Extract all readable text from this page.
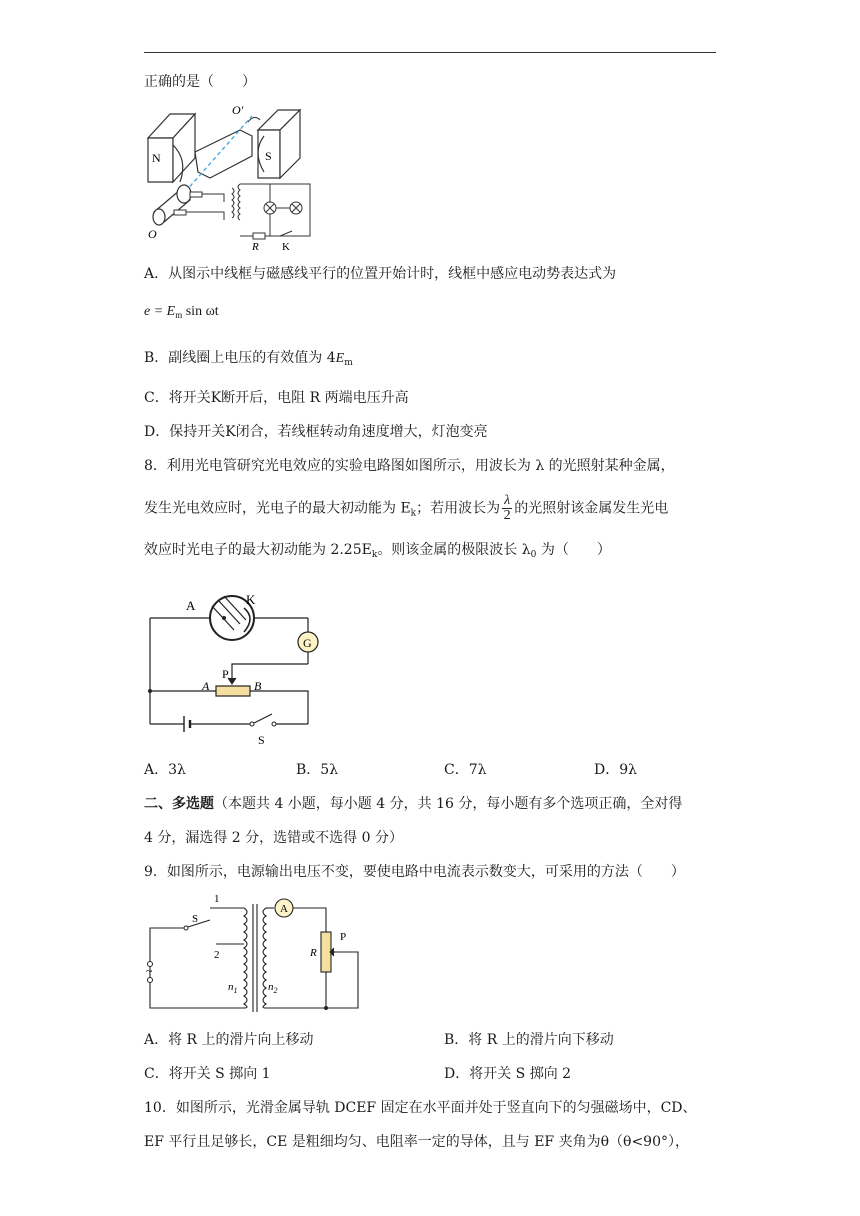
正确的是（　　）
N	S
O′
O
R K
A．从图示中线框与磁感线平行的位置开始计时，线框中感应电动势表达式为
$e = E_m$ sin ωt
B．副线圈上电压的有效值为 $4E_m$
C．将开关K断开后，电阻 R 两端电压升高
D．保持开关K闭合，若线框转动角速度增大，灯泡变亮
8．利用光电管研究光电效应的实验电路图如图所示，用波长为 λ 的光照射某种金属，
发生光电效应时，光电子的最大初动能为 $E_k$；若用波长为 $\frac{\lambda}{2}$ 的光照射该金属发生光电
效应时光电子的最大初动能为 $2.25E_k$。则该金属的极限波长 $\lambda_0$ 为（　　）
A	K
G
P
A	B
S
A．3λ	B．5λ	C．7λ	D．9λ
二、多选题（本题共 4 小题，每小题 4 分，共 16 分，每小题有多个选项正确，全对得
4 分，漏选得 2 分，选错或不选得 0 分）
9．如图所示，电源输出电压不变，要使电路中电流表示数变大，可采用的方法（　　）
1
S
2
~
$n_1$	$n_2$
A
R
P
A．将 R 上的滑片向上移动	B．将 R 上的滑片向下移动
C．将开关 S 掷向 1	D．将开关 S 掷向 2
10．如图所示，光滑金属导轨 DCEF 固定在水平面并处于竖直向下的匀强磁场中，CD、
EF 平行且足够长，CE 是粗细均匀、电阻率一定的导体，且与 EF 夹角为θ（θ<90°），
